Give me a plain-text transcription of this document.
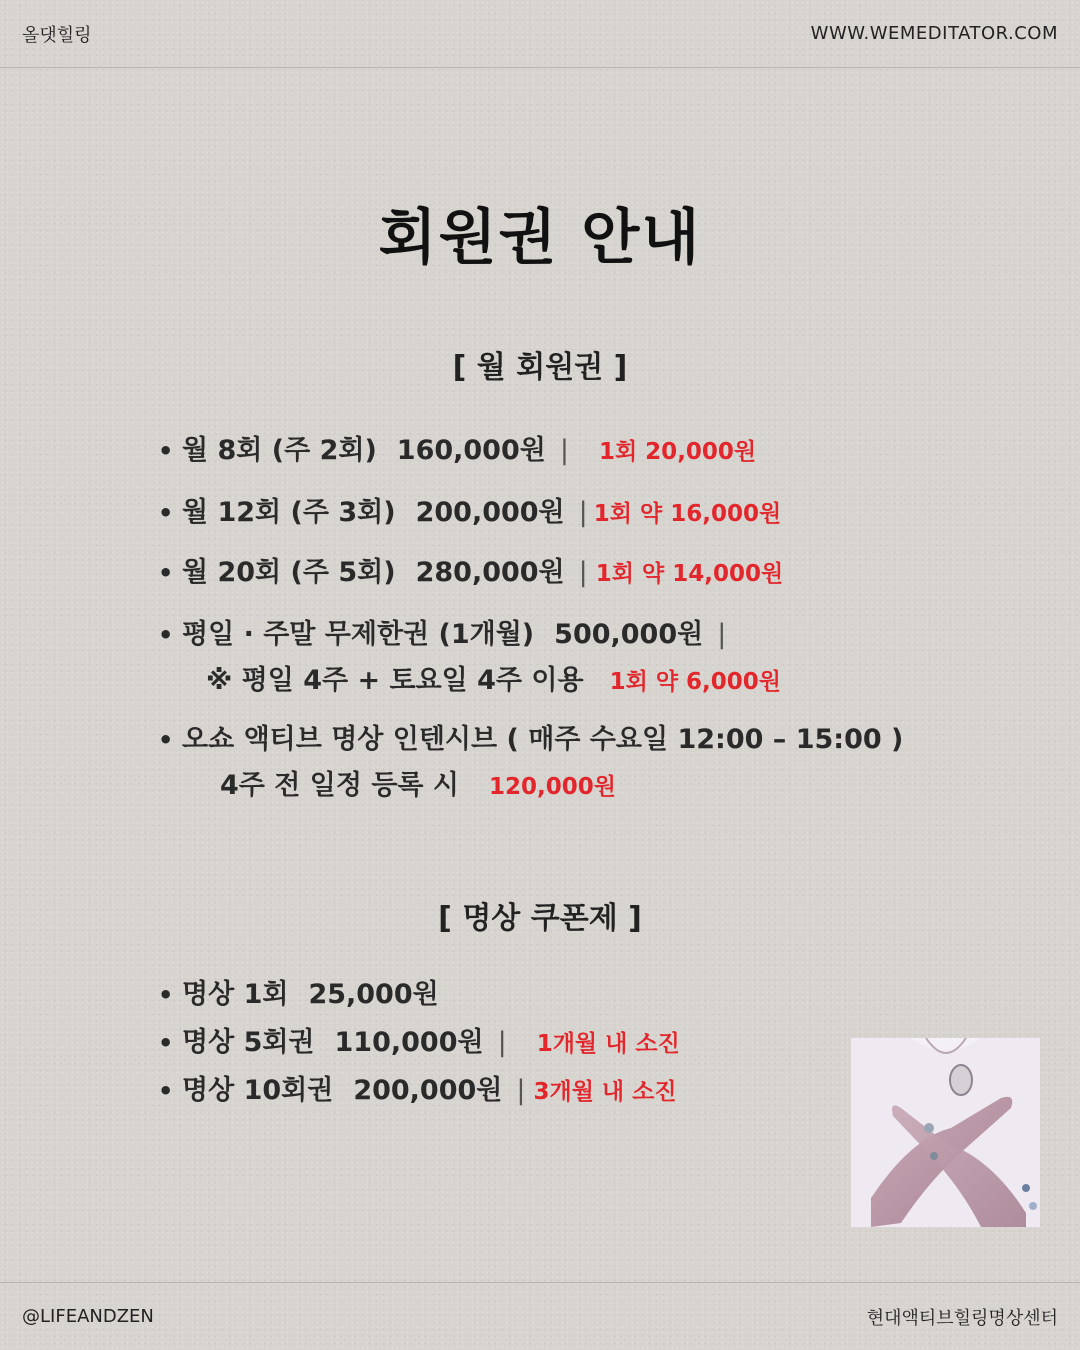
올댓힐링	WWW.WEMEDITATOR.COM
회원권 안내
[ 월 회원권 ]
• 월 8회 (주 2회) 160,000원 | 1회 20,000원
• 월 12회 (주 3회) 200,000원 | 1회 약 16,000원
• 월 20회 (주 5회) 280,000원 | 1회 약 14,000원
• 평일 · 주말 무제한권 (1개월) 500,000원 |
※ 평일 4주 + 토요일 4주 이용 1회 약 6,000원
• 오쇼 액티브 명상 인텐시브 ( 매주 수요일 12:00 – 15:00 )
4주 전 일정 등록 시 120,000원
[ 명상 쿠폰제 ]
• 명상 1회 25,000원
• 명상 5회권 110,000원 | 1개월 내 소진
• 명상 10회권 200,000원 | 3개월 내 소진
@LIFEANDZEN	현대액티브힐링명상센터
